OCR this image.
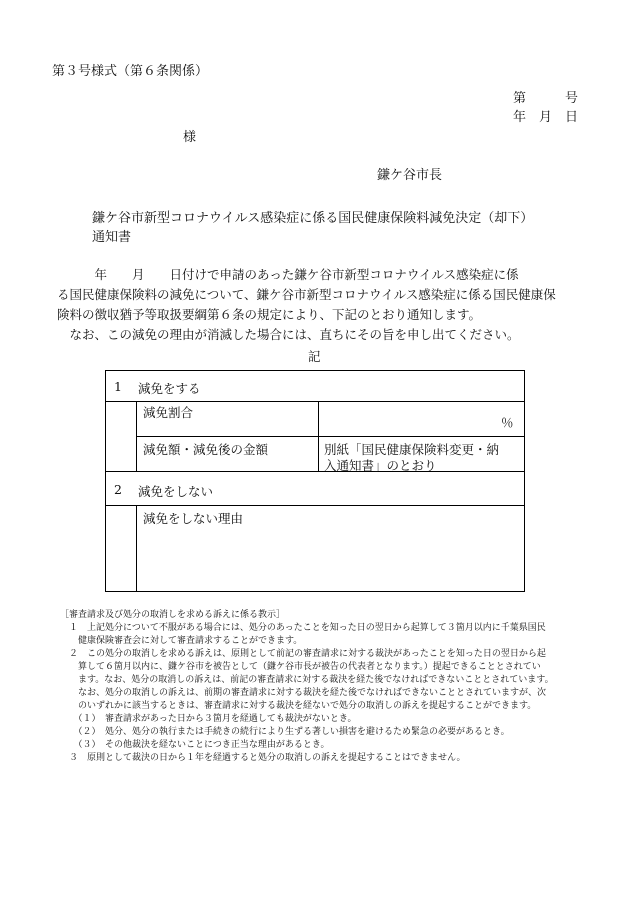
第３号様式（第６条関係）
第　　　号
年　月　日
様
鎌ケ谷市長
鎌ケ谷市新型コロナウイルス感染症に係る国民健康保険料減免決定（却下）
通知書
　　　年　　月　　日付けで申請のあった鎌ケ谷市新型コロナウイルス感染症に係
る国民健康保険料の減免について、鎌ケ谷市新型コロナウイルス感染症に係る国民健康保
険料の徴収猶予等取扱要綱第６条の規定により、下記のとおり通知します。
　なお、この減免の理由が消滅した場合には、直ちにその旨を申し出てください。
記
1 減免をする
減免割合
％
減免額・減免後の金額	別紙「国民健康保険料変更・納
入通知書」のとおり
2 減免をしない
減免をしない理由
［審査請求及び処分の取消しを求める訴えに係る教示］
　１　上記処分について不服がある場合には、処分のあったことを知った日の翌日から起算して３箇月以内に千葉県国民
　　健康保険審査会に対して審査請求することができます。
　２　この処分の取消しを求める訴えは、原則として前記の審査請求に対する裁決があったことを知った日の翌日から起
　　算して６箇月以内に、鎌ケ谷市を被告として（鎌ケ谷市長が被告の代表者となります。）提起できることとされてい
　　ます。なお、処分の取消しの訴えは、前記の審査請求に対する裁決を経た後でなければできないこととされています。
　　なお、処分の取消しの訴えは、前期の審査請求に対する裁決を経た後でなければできないこととされていますが、次
　　のいずれかに該当するときは、審査請求に対する裁決を経ないで処分の取消しの訴えを提起することができます。
　　（１）　審査請求があった日から３箇月を経過しても裁決がないとき。
　　（２）　処分、処分の執行または手続きの続行により生ずる著しい損害を避けるため緊急の必要があるとき。
　　（３）　その他裁決を経ないことにつき正当な理由があるとき。
　３　原則として裁決の日から１年を経過すると処分の取消しの訴えを提起することはできません。
